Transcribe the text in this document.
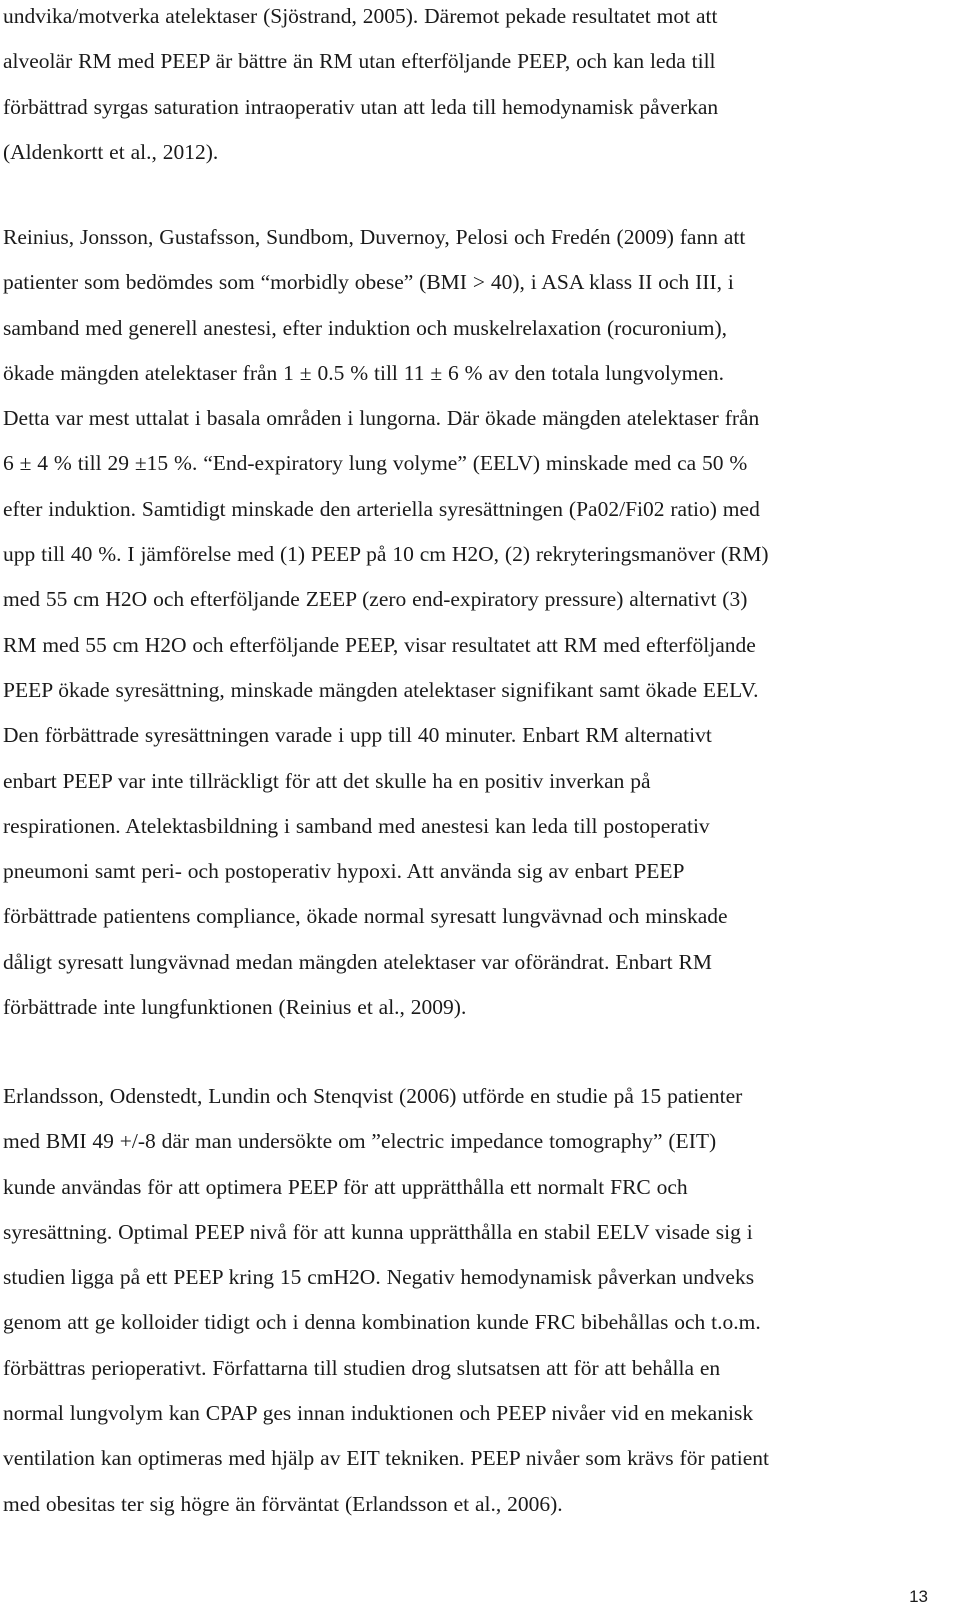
undvika/motverka atelektaser (Sjöstrand, 2005). Däremot pekade resultatet mot att
alveolär RM med PEEP är bättre än RM utan efterföljande PEEP, och kan leda till
förbättrad syrgas saturation intraoperativ utan att leda till hemodynamisk påverkan
(Aldenkortt et al., 2012).
Reinius, Jonsson, Gustafsson, Sundbom, Duvernoy, Pelosi och Fredén (2009) fann att
patienter som bedömdes som “morbidly obese” (BMI > 40), i ASA klass II och III, i
samband med generell anestesi, efter induktion och muskelrelaxation (rocuronium),
ökade mängden atelektaser från 1 ± 0.5 % till 11 ± 6 % av den totala lungvolymen.
Detta var mest uttalat i basala områden i lungorna. Där ökade mängden atelektaser från
6 ± 4 % till 29 ±15 %. “End-expiratory lung volyme” (EELV) minskade med ca 50 %
efter induktion. Samtidigt minskade den arteriella syresättningen (Pa02/Fi02 ratio) med
upp till 40 %. I jämförelse med (1) PEEP på 10 cm H2O, (2) rekryteringsmanöver (RM)
med 55 cm H2O och efterföljande ZEEP (zero end-expiratory pressure) alternativt (3)
RM med 55 cm H2O och efterföljande PEEP, visar resultatet att RM med efterföljande
PEEP ökade syresättning, minskade mängden atelektaser signifikant samt ökade EELV.
Den förbättrade syresättningen varade i upp till 40 minuter. Enbart RM alternativt
enbart PEEP var inte tillräckligt för att det skulle ha en positiv inverkan på
respirationen. Atelektasbildning i samband med anestesi kan leda till postoperativ
pneumoni samt peri- och postoperativ hypoxi. Att använda sig av enbart PEEP
förbättrade patientens compliance, ökade normal syresatt lungvävnad och minskade
dåligt syresatt lungvävnad medan mängden atelektaser var oförändrat. Enbart RM
förbättrade inte lungfunktionen (Reinius et al., 2009).
Erlandsson, Odenstedt, Lundin och Stenqvist (2006) utförde en studie på 15 patienter
med BMI 49 +/-8 där man undersökte om ”electric impedance tomography” (EIT)
kunde användas för att optimera PEEP för att upprätthålla ett normalt FRC och
syresättning. Optimal PEEP nivå för att kunna upprätthålla en stabil EELV visade sig i
studien ligga på ett PEEP kring 15 cmH2O. Negativ hemodynamisk påverkan undveks
genom att ge kolloider tidigt och i denna kombination kunde FRC bibehållas och t.o.m.
förbättras perioperativt. Författarna till studien drog slutsatsen att för att behålla en
normal lungvolym kan CPAP ges innan induktionen och PEEP nivåer vid en mekanisk
ventilation kan optimeras med hjälp av EIT tekniken. PEEP nivåer som krävs för patient
med obesitas ter sig högre än förväntat (Erlandsson et al., 2006).
13
